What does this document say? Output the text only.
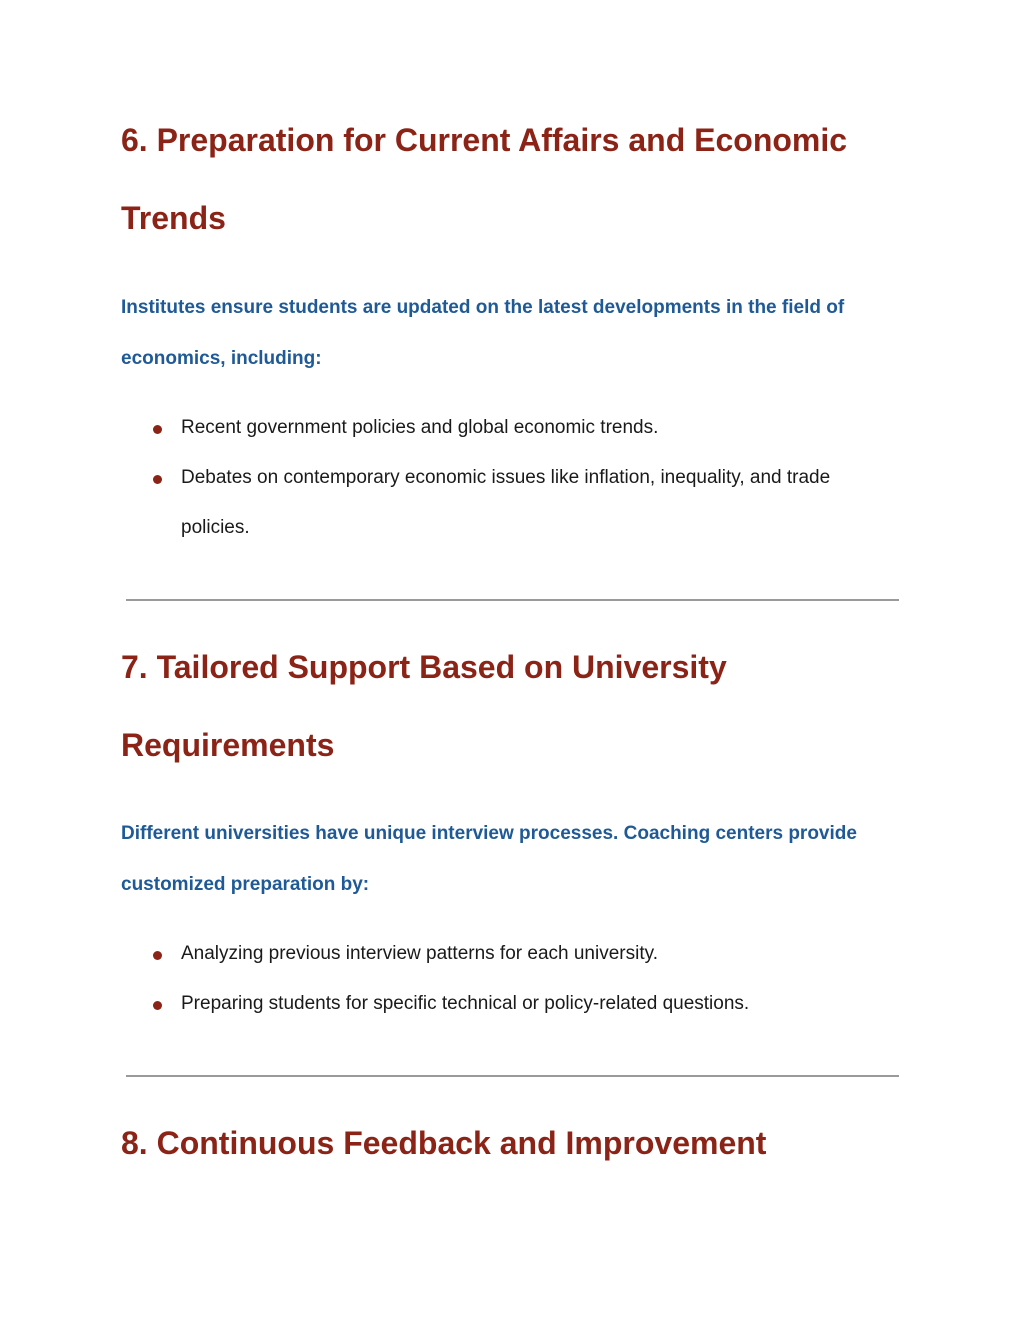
6. Preparation for Current Affairs and Economic Trends

Institutes ensure students are updated on the latest developments in the field of economics, including:

Recent government policies and global economic trends.
Debates on contemporary economic issues like inflation, inequality, and trade policies.
7. Tailored Support Based on University Requirements

Different universities have unique interview processes. Coaching centers provide customized preparation by:

Analyzing previous interview patterns for each university.
Preparing students for specific technical or policy-related questions.
8. Continuous Feedback and Improvement
